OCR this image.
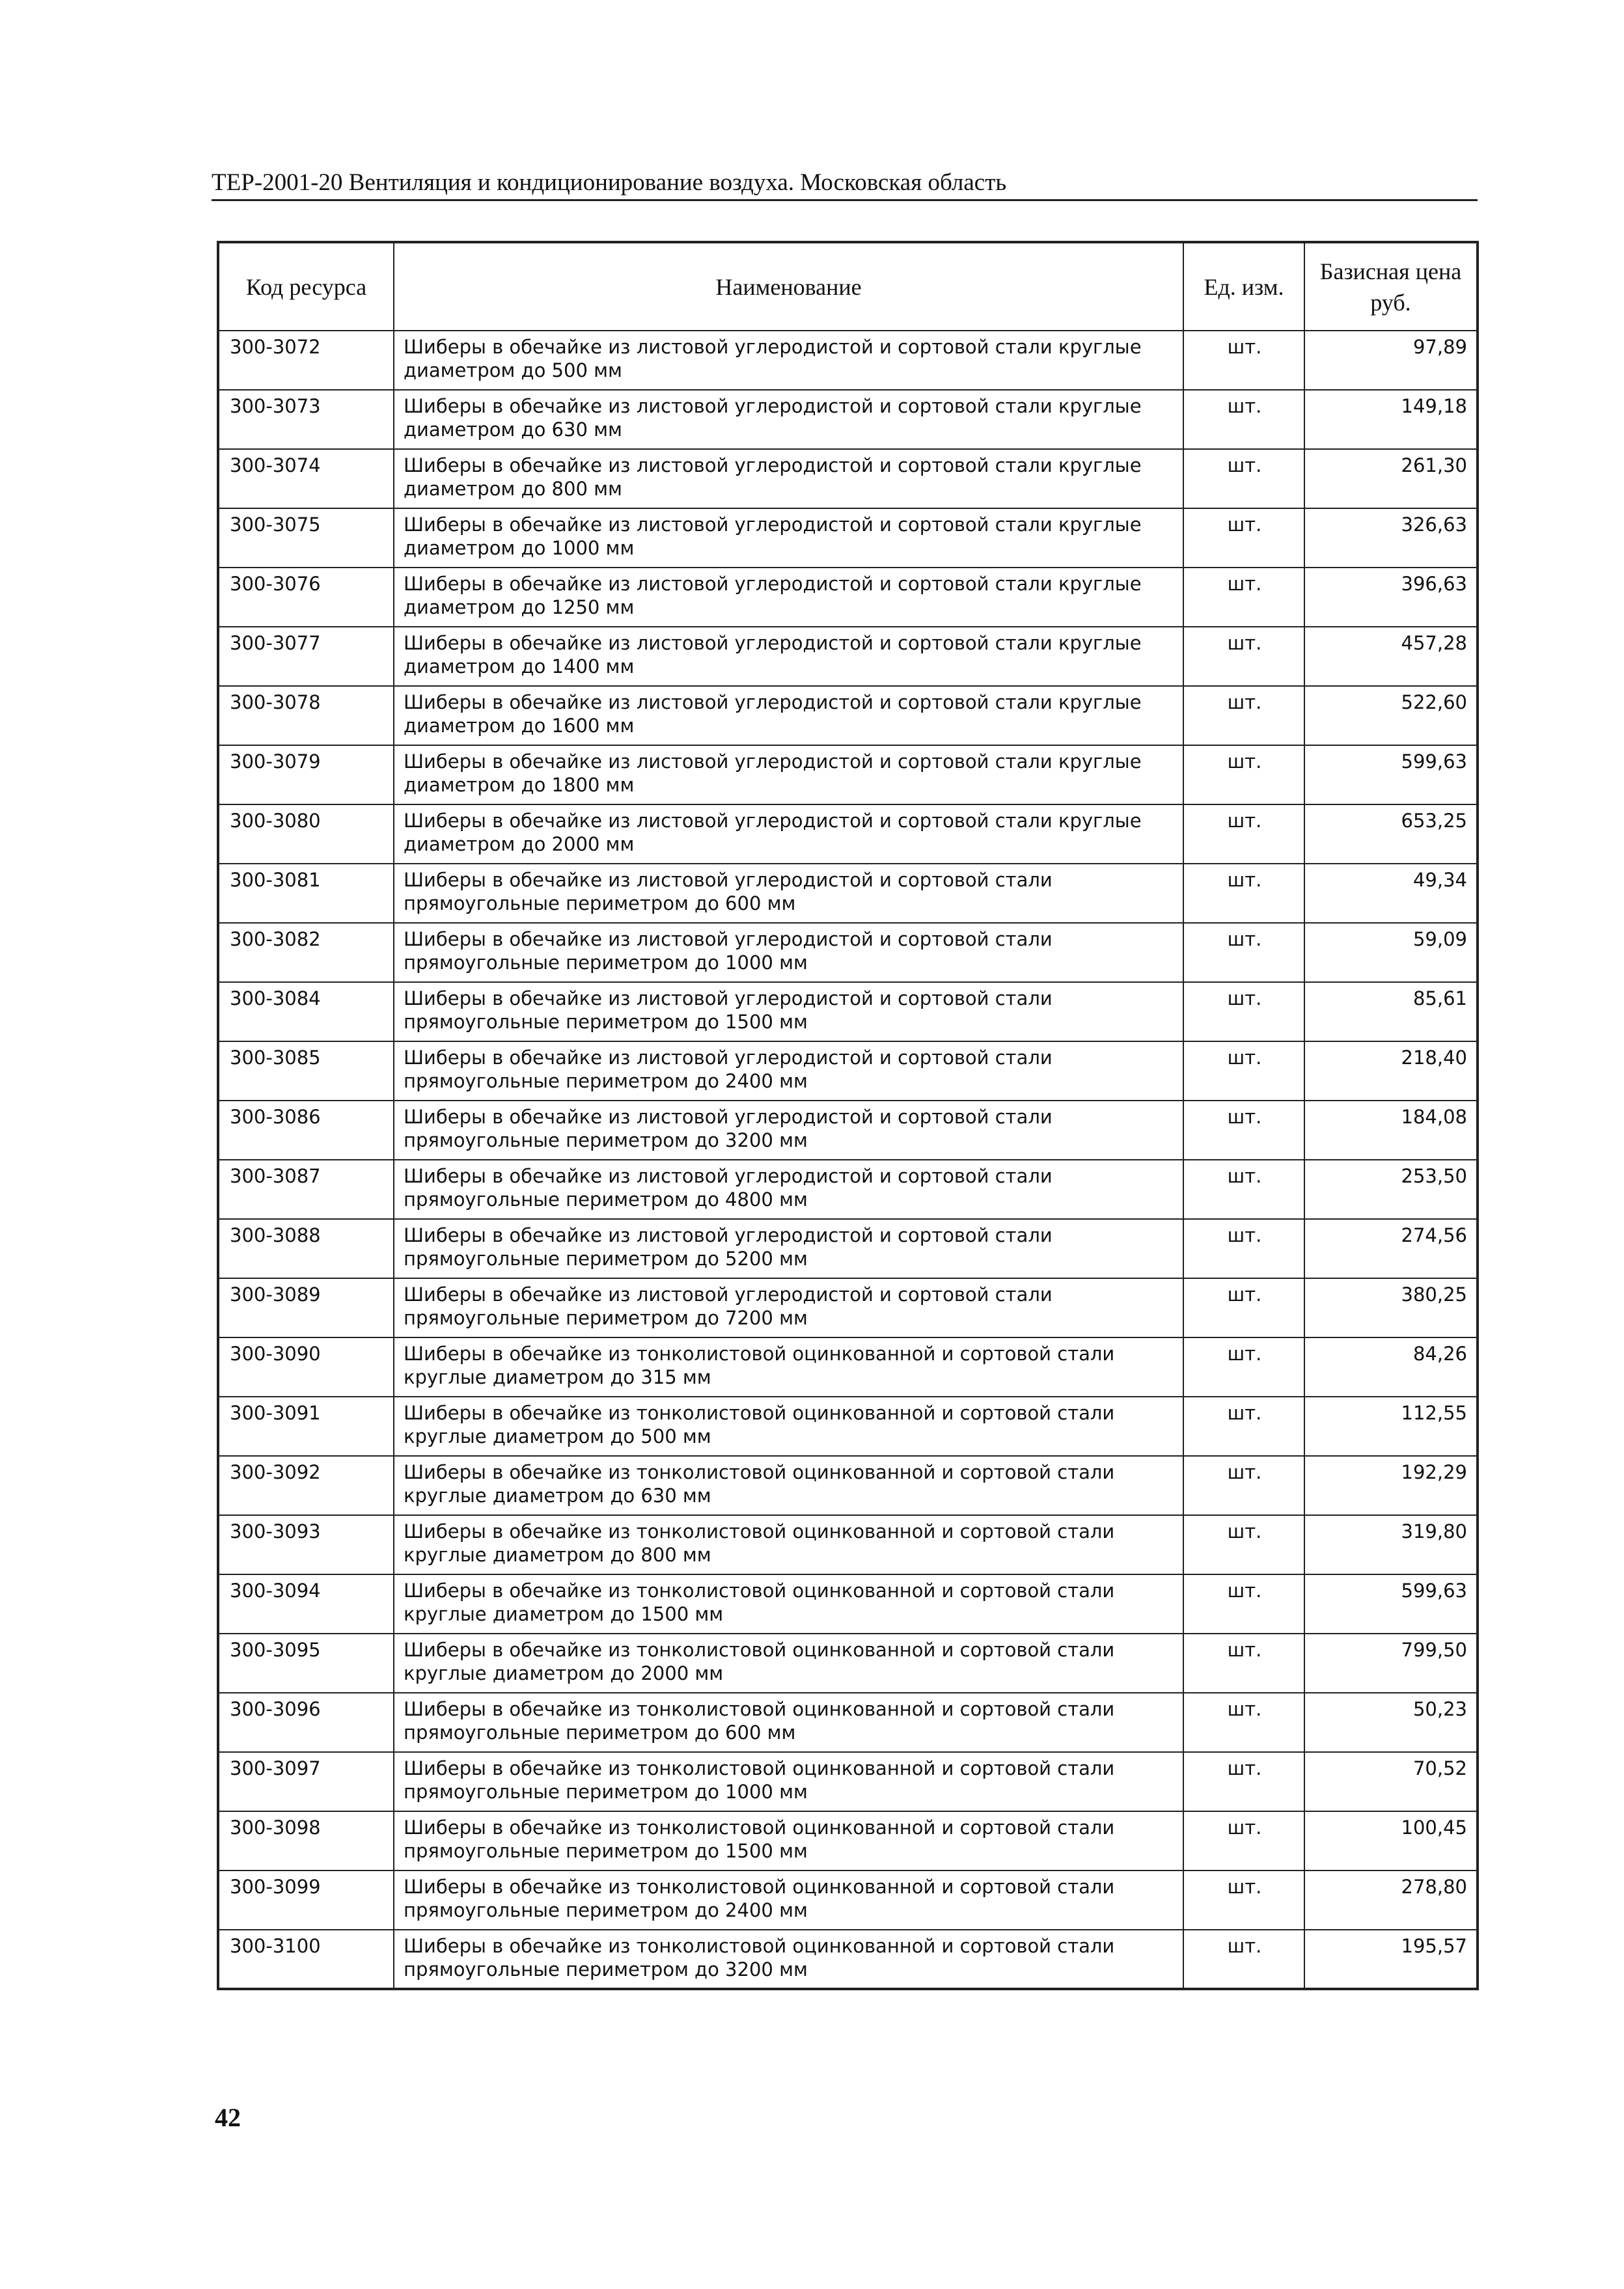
ТЕР-2001-20 Вентиляция и кондиционирование воздуха. Московская область
Код ресурса	Наименование	Ед. изм.	Базисная цена руб.
300-3072	Шиберы в обечайке из листовой углеродистой и сортовой стали круглые диаметром до 500 мм	шт.	97,89
300-3073	Шиберы в обечайке из листовой углеродистой и сортовой стали круглые диаметром до 630 мм	шт.	149,18
300-3074	Шиберы в обечайке из листовой углеродистой и сортовой стали круглые диаметром до 800 мм	шт.	261,30
300-3075	Шиберы в обечайке из листовой углеродистой и сортовой стали круглые диаметром до 1000 мм	шт.	326,63
300-3076	Шиберы в обечайке из листовой углеродистой и сортовой стали круглые диаметром до 1250 мм	шт.	396,63
300-3077	Шиберы в обечайке из листовой углеродистой и сортовой стали круглые диаметром до 1400 мм	шт.	457,28
300-3078	Шиберы в обечайке из листовой углеродистой и сортовой стали круглые диаметром до 1600 мм	шт.	522,60
300-3079	Шиберы в обечайке из листовой углеродистой и сортовой стали круглые диаметром до 1800 мм	шт.	599,63
300-3080	Шиберы в обечайке из листовой углеродистой и сортовой стали круглые диаметром до 2000 мм	шт.	653,25
300-3081	Шиберы в обечайке из листовой углеродистой и сортовой стали прямоугольные периметром до 600 мм	шт.	49,34
300-3082	Шиберы в обечайке из листовой углеродистой и сортовой стали прямоугольные периметром до 1000 мм	шт.	59,09
300-3084	Шиберы в обечайке из листовой углеродистой и сортовой стали прямоугольные периметром до 1500 мм	шт.	85,61
300-3085	Шиберы в обечайке из листовой углеродистой и сортовой стали прямоугольные периметром до 2400 мм	шт.	218,40
300-3086	Шиберы в обечайке из листовой углеродистой и сортовой стали прямоугольные периметром до 3200 мм	шт.	184,08
300-3087	Шиберы в обечайке из листовой углеродистой и сортовой стали прямоугольные периметром до 4800 мм	шт.	253,50
300-3088	Шиберы в обечайке из листовой углеродистой и сортовой стали прямоугольные периметром до 5200 мм	шт.	274,56
300-3089	Шиберы в обечайке из листовой углеродистой и сортовой стали прямоугольные периметром до 7200 мм	шт.	380,25
300-3090	Шиберы в обечайке из тонколистовой оцинкованной и сортовой стали круглые диаметром до 315 мм	шт.	84,26
300-3091	Шиберы в обечайке из тонколистовой оцинкованной и сортовой стали круглые диаметром до 500 мм	шт.	112,55
300-3092	Шиберы в обечайке из тонколистовой оцинкованной и сортовой стали круглые диаметром до 630 мм	шт.	192,29
300-3093	Шиберы в обечайке из тонколистовой оцинкованной и сортовой стали круглые диаметром до 800 мм	шт.	319,80
300-3094	Шиберы в обечайке из тонколистовой оцинкованной и сортовой стали круглые диаметром до 1500 мм	шт.	599,63
300-3095	Шиберы в обечайке из тонколистовой оцинкованной и сортовой стали круглые диаметром до 2000 мм	шт.	799,50
300-3096	Шиберы в обечайке из тонколистовой оцинкованной и сортовой стали прямоугольные периметром до 600 мм	шт.	50,23
300-3097	Шиберы в обечайке из тонколистовой оцинкованной и сортовой стали прямоугольные периметром до 1000 мм	шт.	70,52
300-3098	Шиберы в обечайке из тонколистовой оцинкованной и сортовой стали прямоугольные периметром до 1500 мм	шт.	100,45
300-3099	Шиберы в обечайке из тонколистовой оцинкованной и сортовой стали прямоугольные периметром до 2400 мм	шт.	278,80
300-3100	Шиберы в обечайке из тонколистовой оцинкованной и сортовой стали прямоугольные периметром до 3200 мм	шт.	195,57
42
